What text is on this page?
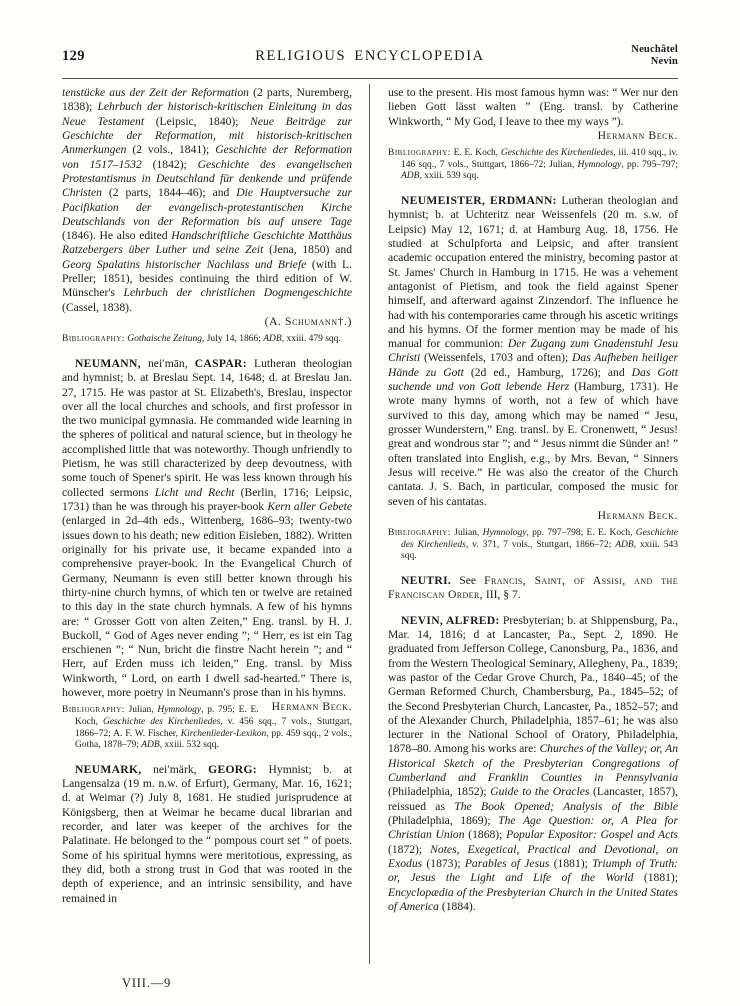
129	RELIGIOUS ENCYCLOPEDIA	Neuchâtel
Nevin

tenstücke aus der Zeit der Reformation (2 parts, Nuremberg, 1838); Lehrbuch der historisch-kritischen Einleitung in das Neue Testament (Leipsic, 1840); Neue Beiträge zur Geschichte der Reformation, mit historisch-kritischen Anmerkungen (2 vols., 1841); Geschichte der Reformation von 1517–1532 (1842); Geschichte des evangelischen Protestantismus in Deutschland für denkende und prüfende Christen (2 parts, 1844–46); and Die Hauptversuche zur Pacifikation der evangelisch-protestantischen Kirche Deutschlands von der Reformation bis auf unsere Tage (1846). He also edited Handschriftliche Geschichte Matthäus Ratzebergers über Luther und seine Zeit (Jena, 1850) and Georg Spalatins historischer Nachlass und Briefe (with L. Preller; 1851), besides continuing the third edition of W. Münscher's Lehrbuch der christlichen Dogmengeschichte (Cassel, 1838).

(A. Schumann†.)

Bibliography: Gothaische Zeitung, July 14, 1866; ADB, xxiii. 479 sqq.

NEUMANN, nei′mān, CASPAR: Lutheran theologian and hymnist; b. at Breslau Sept. 14, 1648; d. at Breslau Jan. 27, 1715. He was pastor at St. Elizabeth's, Breslau, inspector over all the local churches and schools, and first professor in the two municipal gymnasia. He commanded wide learning in the spheres of political and natural science, but in theology he accomplished little that was noteworthy. Though unfriendly to Pietism, he was still characterized by deep devoutness, with some touch of Spener's spirit. He was less known through his collected sermons Licht und Recht (Berlin, 1716; Leipsic, 1731) than he was through his prayer-book Kern aller Gebete (enlarged in 2d–4th eds., Wittenberg, 1686–93; twenty-two issues down to his death; new edition Eisleben, 1882). Written originally for his private use, it became expanded into a comprehensive prayer-book. In the Evangelical Church of Germany, Neumann is even still better known through his thirty-nine church hymns, of which ten or twelve are retained to this day in the state church hymnals. A few of his hymns are: “ Grosser Gott von alten Zeiten,” Eng. transl. by H. J. Buckoll, “ God of Ages never ending ”; “ Herr, es ist ein Tag erschienen ”; “ Nun, bricht die finstre Nacht herein ”; and “ Herr, auf Erden muss ich leiden,” Eng. transl. by Miss Winkworth, “ Lord, on earth I dwell sad-hearted.” There is, however, more poetry in Neumann's prose than in his hymns.
Hermann Beck.

Bibliography: Julian, Hymnology, p. 795; E. E. Koch, Geschichte des Kirchenliedes, v. 456 sqq., 7 vols., Stuttgart, 1866–72; A. F. W. Fischer, Kirchenlieder-Lexikon, pp. 459 sqq., 2 vols., Gotha, 1878–79; ADB, xxiii. 532 sqq.

NEUMARK, nei′märk, GEORG: Hymnist; b. at Langensalza (19 m. n.w. of Erfurt), Germany, Mar. 16, 1621; d. at Weimar (?) July 8, 1681. He studied jurisprudence at Königsberg, then at Weimar he became ducal librarian and recorder, and later was keeper of the archives for the Palatinate. He belonged to the “ pompous court set ” of poets. Some of his spiritual hymns were meritotious, expressing, as they did, both a strong trust in God that was rooted in the depth of experience, and an intrinsic sensibility, and have remained in

use to the present. His most famous hymn was: “ Wer nur den lieben Gott lässt walten ” (Eng. transl. by Catherine Winkworth, “ My God, I leave to thee my ways ”).

Hermann Beck.

Bibliography: E. E. Koch, Geschichte des Kirchenliedes, iii. 410 sqq., iv. 146 sqq., 7 vols., Stuttgart, 1866–72; Julian, Hymnology, pp. 795–797; ADB, xxiii. 539 sqq.

NEUMEISTER, ERDMANN: Lutheran theologian and hymnist; b. at Uchteritz near Weissenfels (20 m. s.w. of Leipsic) May 12, 1671; d. at Hamburg Aug. 18, 1756. He studied at Schulpforta and Leipsic, and after transient academic occupation entered the ministry, becoming pastor at St. James' Church in Hamburg in 1715. He was a vehement antagonist of Pietism, and took the field against Spener himself, and afterward against Zinzendorf. The influence he had with his contemporaries came through his ascetic writings and his hymns. Of the former mention may be made of his manual for communion: Der Zugang zum Gnadenstuhl Jesu Christi (Weissenfels, 1703 and often); Das Aufheben heiliger Hände zu Gott (2d ed., Hamburg, 1726); and Das Gott suchende und von Gott lebende Herz (Hamburg, 1731). He wrote many hymns of worth, not a few of which have survived to this day, among which may be named “ Jesu, grosser Wunderstern,” Eng. transl. by E. Cronenwett, “ Jesus! great and wondrous star ”; and “ Jesus nimmt die Sünder an! ” often translated into English, e.g., by Mrs. Bevan, “ Sinners Jesus will receive.” He was also the creator of the Church cantata. J. S. Bach, in particular, composed the music for seven of his cantatas.

Hermann Beck.

Bibliography: Julian, Hymnology, pp. 797–798; E. E. Koch, Geschichte des Kirchenlieds, v. 371, 7 vols., Stuttgart, 1866–72; ADB, xxiii. 543 sqq.

NEUTRI. See Francis, Saint, of Assisi, and the Franciscan Order, III, § 7.

NEVIN, ALFRED: Presbyterian; b. at Shippensburg, Pa., Mar. 14, 1816; d at Lancaster, Pa., Sept. 2, 1890. He graduated from Jefferson College, Canonsburg, Pa., 1836, and from the Western Theological Seminary, Allegheny, Pa., 1839; was pastor of the Cedar Grove Church, Pa., 1840–45; of the German Reformed Church, Chambersburg, Pa., 1845–52; of the Second Presbyterian Church, Lancaster, Pa., 1852–57; and of the Alexander Church, Philadelphia, 1857–61; he was also lecturer in the National School of Oratory, Philadelphia, 1878–80. Among his works are: Churches of the Valley; or, An Historical Sketch of the Presbyterian Congregations of Cumberland and Franklin Counties in Pennsylvania (Philadelphia, 1852); Guide to the Oracles (Lancaster, 1857), reissued as The Book Opened; Analysis of the Bible (Philadelphia, 1869); The Age Question: or, A Plea for Christian Union (1868); Popular Expositor: Gospel and Acts (1872); Notes, Exegetical, Practical and Devotional, on Exodus (1873); Parables of Jesus (1881); Triumph of Truth: or, Jesus the Light and Life of the World (1881); Encyclopædia of the Presbyterian Church in the United States of America (1884).

VIII.—9
